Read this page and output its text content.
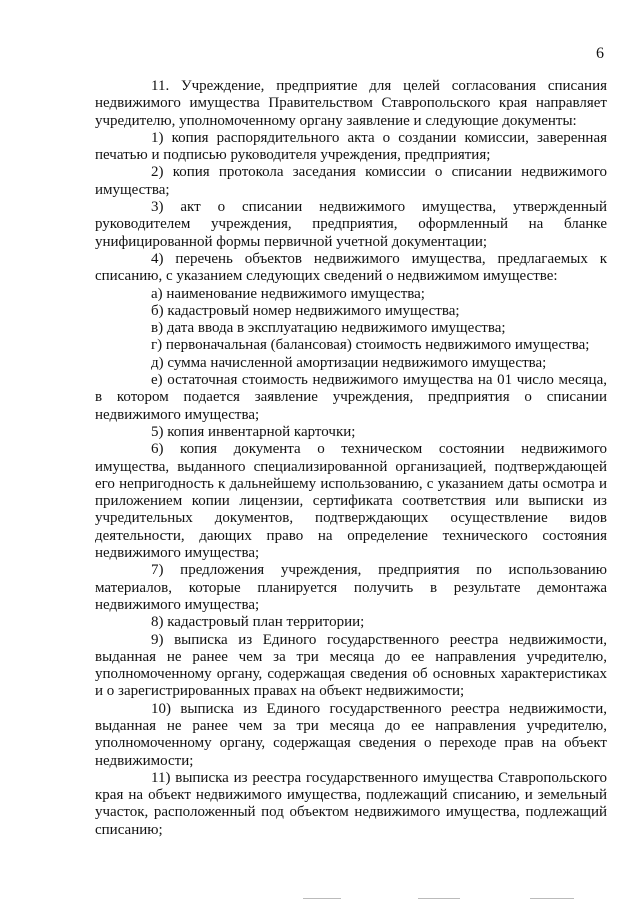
6

11. Учреждение, предприятие для целей согласования списания недвижимого имущества Правительством Ставропольского края направляет учредителю, уполномоченному органу заявление и следующие документы:

1) копия распорядительного акта о создании комиссии, заверенная печатью и подписью руководителя учреждения, предприятия;

2) копия протокола заседания комиссии о списании недвижимого имущества;

3) акт о списании недвижимого имущества, утвержденный руководителем учреждения, предприятия, оформленный на бланке унифицированной формы первичной учетной документации;

4) перечень объектов недвижимого имущества, предлагаемых к списанию, с указанием следующих сведений о недвижимом имуществе:

а) наименование недвижимого имущества;

б) кадастровый номер недвижимого имущества;

в) дата ввода в эксплуатацию недвижимого имущества;

г) первоначальная (балансовая) стоимость недвижимого имущества;

д) сумма начисленной амортизации недвижимого имущества;

е) остаточная стоимость недвижимого имущества на 01 число месяца, в котором подается заявление учреждения, предприятия о списании недвижимого имущества;

5) копия инвентарной карточки;

6) копия документа о техническом состоянии недвижимого имущества, выданного специализированной организацией, подтверждающей его непригодность к дальнейшему использованию, с указанием даты осмотра и приложением копии лицензии, сертификата соответствия или выписки из учредительных документов, подтверждающих осуществление видов деятельности, дающих право на определение технического состояния недвижимого имущества;

7) предложения учреждения, предприятия по использованию материалов, которые планируется получить в результате демонтажа недвижимого имущества;

8) кадастровый план территории;

9) выписка из Единого государственного реестра недвижимости, выданная не ранее чем за три месяца до ее направления учредителю, уполномоченному органу, содержащая сведения об основных характеристиках и о зарегистрированных правах на объект недвижимости;

10) выписка из Единого государственного реестра недвижимости, выданная не ранее чем за три месяца до ее направления учредителю, уполномоченному органу, содержащая сведения о переходе прав на объект недвижимости;

11) выписка из реестра государственного имущества Ставропольского края на объект недвижимого имущества, подлежащий списанию, и земельный участок, расположенный под объектом недвижимого имущества, подлежащий списанию;
